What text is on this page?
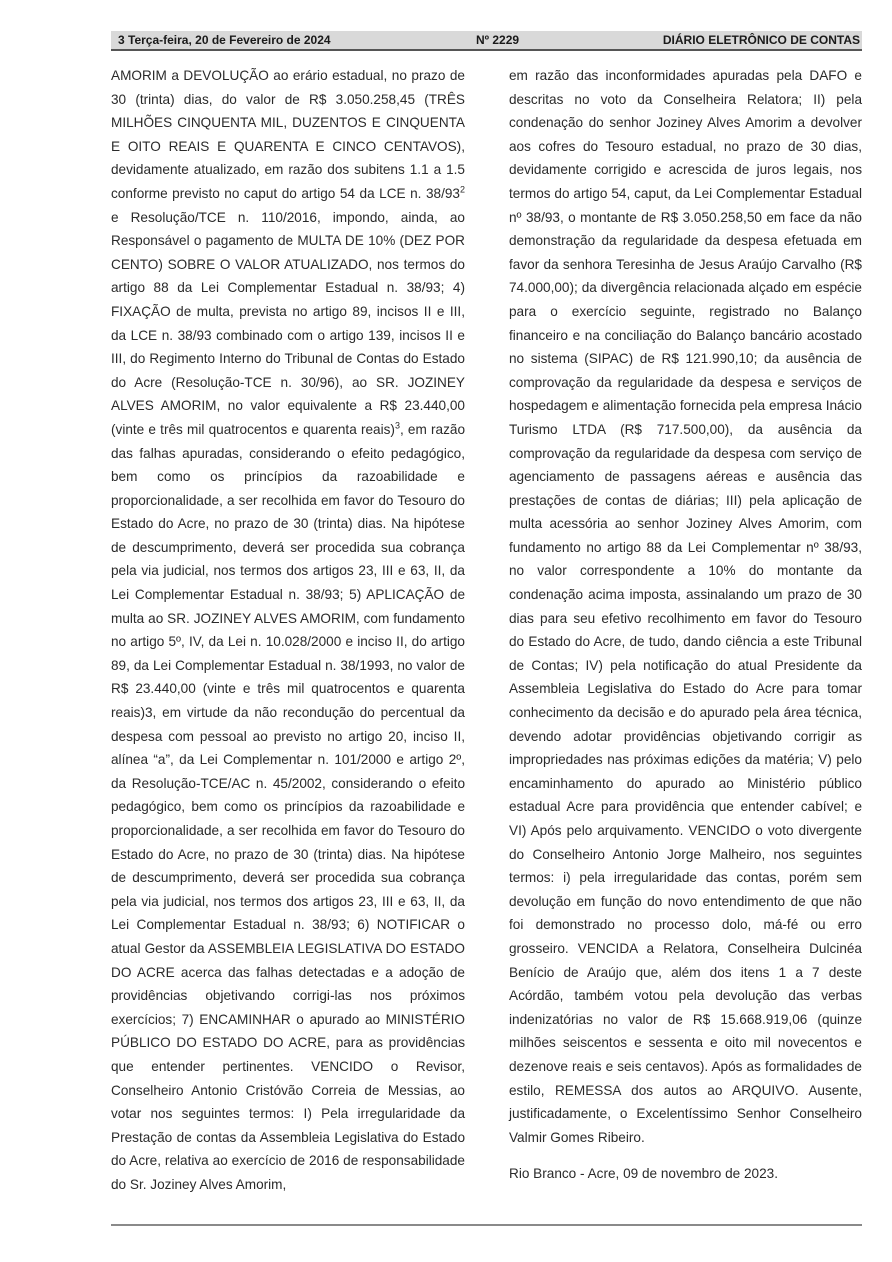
3 Terça-feira, 20 de Fevereiro de 2024	Nº 2229	DIÁRIO ELETRÔNICO DE CONTAS

AMORIM a DEVOLUÇÃO ao erário estadual, no prazo de 30 (trinta) dias, do valor de R$ 3.050.258,45 (TRÊS MILHÕES CINQUENTA MIL, DUZENTOS E CINQUENTA E OITO REAIS E QUARENTA E CINCO CENTAVOS), devidamente atualizado, em razão dos subitens 1.1 a 1.5 conforme previsto no caput do artigo 54 da LCE n. $38/93^2$ e Resolução/TCE n. 110/2016, impondo, ainda, ao Responsável o pagamento de MULTA DE 10% (DEZ POR CENTO) SOBRE O VALOR ATUALIZADO, nos termos do artigo 88 da Lei Complementar Estadual n. 38/93; 4) FIXAÇÃO de multa, prevista no artigo 89, incisos II e III, da LCE n. 38/93 combinado com o artigo 139, incisos II e III, do Regimento Interno do Tribunal de Contas do Estado do Acre (Resolução-TCE n. 30/96), ao SR. JOZINEY ALVES AMORIM, no valor equivalente a R$ 23.440,00 (vinte e três mil quatrocentos e quarenta reais)$^3$, em razão das falhas apuradas, considerando o efeito pedagógico, bem como os princípios da razoabilidade e proporcionalidade, a ser recolhida em favor do Tesouro do Estado do Acre, no prazo de 30 (trinta) dias. Na hipótese de descumprimento, deverá ser procedida sua cobrança pela via judicial, nos termos dos artigos 23, III e 63, II, da Lei Complementar Estadual n. 38/93; 5) APLICAÇÃO de multa ao SR. JOZINEY ALVES AMORIM, com fundamento no artigo 5º, IV, da Lei n. 10.028/2000 e inciso II, do artigo 89, da Lei Complementar Estadual n. 38/1993, no valor de R$ 23.440,00 (vinte e três mil quatrocentos e quarenta reais)3, em virtude da não recondução do percentual da despesa com pessoal ao previsto no artigo 20, inciso II, alínea “a”, da Lei Complementar n. 101/2000 e artigo 2º, da Resolução-TCE/AC n. 45/2002, considerando o efeito pedagógico, bem como os princípios da razoabilidade e proporcionalidade, a ser recolhida em favor do Tesouro do Estado do Acre, no prazo de 30 (trinta) dias. Na hipótese de descumprimento, deverá ser procedida sua cobrança pela via judicial, nos termos dos artigos 23, III e 63, II, da Lei Complementar Estadual n. 38/93; 6) NOTIFICAR o atual Gestor da ASSEMBLEIA LEGISLATIVA DO ESTADO DO ACRE acerca das falhas detectadas e a adoção de providências objetivando corrigi-las nos próximos exercícios; 7) ENCAMINHAR o apurado ao MINISTÉRIO PÚBLICO DO ESTADO DO ACRE, para as providências que entender pertinentes. VENCIDO o Revisor, Conselheiro Antonio Cristóvão Correia de Messias, ao votar nos seguintes termos: I) Pela irregularidade da Prestação de contas da Assembleia Legislativa do Estado do Acre, relativa ao exercício de 2016 de responsabilidade do Sr. Joziney Alves Amorim,

em razão das inconformidades apuradas pela DAFO e descritas no voto da Conselheira Relatora; II) pela condenação do senhor Joziney Alves Amorim a devolver aos cofres do Tesouro estadual, no prazo de 30 dias, devidamente corrigido e acrescida de juros legais, nos termos do artigo 54, caput, da Lei Complementar Estadual nº 38/93, o montante de R$ 3.050.258,50 em face da não demonstração da regularidade da despesa efetuada em favor da senhora Teresinha de Jesus Araújo Carvalho (R$ 74.000,00); da divergência relacionada alçado em espécie para o exercício seguinte, registrado no Balanço financeiro e na conciliação do Balanço bancário acostado no sistema (SIPAC) de R$ 121.990,10; da ausência de comprovação da regularidade da despesa e serviços de hospedagem e alimentação fornecida pela empresa Inácio Turismo LTDA (R$ 717.500,00), da ausência da comprovação da regularidade da despesa com serviço de agenciamento de passagens aéreas e ausência das prestações de contas de diárias; III) pela aplicação de multa acessória ao senhor Joziney Alves Amorim, com fundamento no artigo 88 da Lei Complementar nº 38/93, no valor correspondente a 10% do montante da condenação acima imposta, assinalando um prazo de 30 dias para seu efetivo recolhimento em favor do Tesouro do Estado do Acre, de tudo, dando ciência a este Tribunal de Contas; IV) pela notificação do atual Presidente da Assembleia Legislativa do Estado do Acre para tomar conhecimento da decisão e do apurado pela área técnica, devendo adotar providências objetivando corrigir as impropriedades nas próximas edições da matéria; V) pelo encaminhamento do apurado ao Ministério público estadual Acre para providência que entender cabível; e VI) Após pelo arquivamento. VENCIDO o voto divergente do Conselheiro Antonio Jorge Malheiro, nos seguintes termos: i) pela irregularidade das contas, porém sem devolução em função do novo entendimento de que não foi demonstrado no processo dolo, má-fé ou erro grosseiro. VENCIDA a Relatora, Conselheira Dulcinéa Benício de Araújo que, além dos itens 1 a 7 deste Acórdão, também votou pela devolução das verbas indenizatórias no valor de R$ 15.668.919,06 (quinze milhões seiscentos e sessenta e oito mil novecentos e dezenove reais e seis centavos). Após as formalidades de estilo, REMESSA dos autos ao ARQUIVO. Ausente, justificadamente, o Excelentíssimo Senhor Conselheiro Valmir Gomes Ribeiro.

Rio Branco - Acre, 09 de novembro de 2023.
